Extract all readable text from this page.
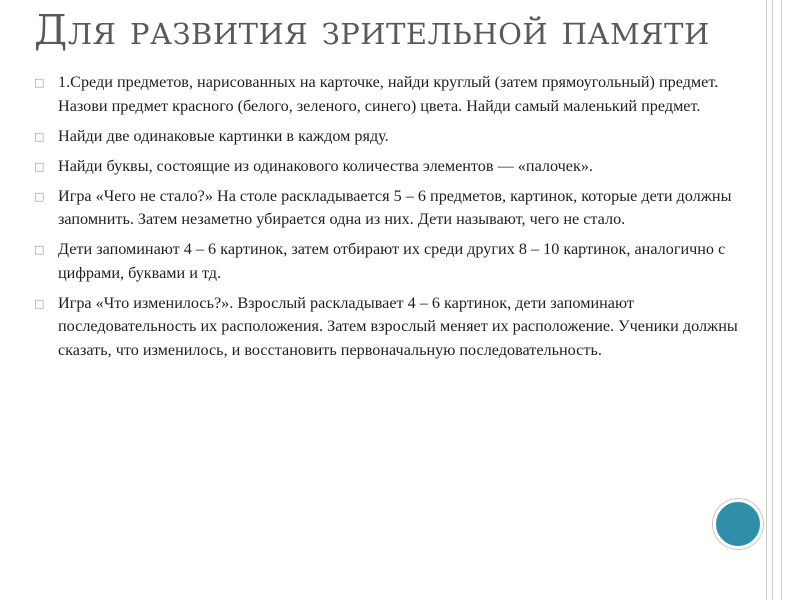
Для развития зрительной памяти
□ 1.Среди предметов, нарисованных на карточке, найди круглый (затем прямоугольный) предмет. Назови предмет красного (белого, зеленого, синего) цвета. Найди самый маленький предмет.
□ Найди две одинаковые картинки в каждом ряду.
□ Найди буквы, состоящие из одинакового количества элементов — «палочек».
□ Игра «Чего не стало?» На столе раскладывается 5 – 6 предметов, картинок, которые дети должны запомнить. Затем незаметно убирается одна из них. Дети называют, чего не стало.
□ Дети запоминают 4 – 6 картинок, затем отбирают их среди других 8 – 10 картинок, аналогично с цифрами, буквами и тд.
□ Игра «Что изменилось?». Взрослый раскладывает 4 – 6 картинок, дети запоминают последовательность их расположения. Затем взрослый меняет их расположение. Ученики должны сказать, что изменилось, и восстановить первоначальную последовательность.
